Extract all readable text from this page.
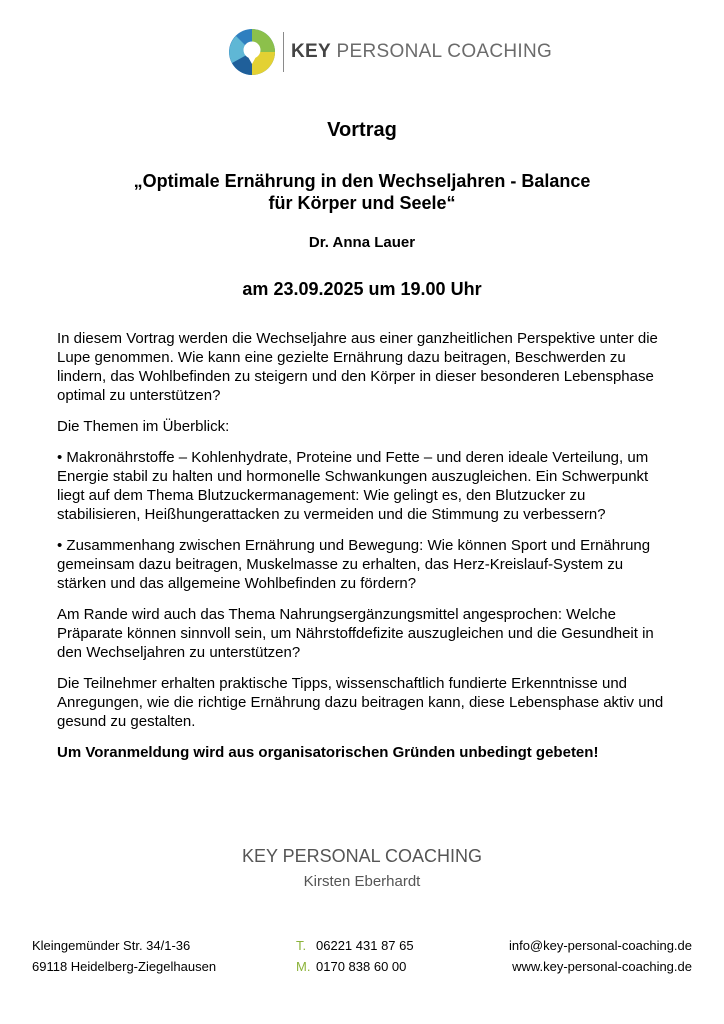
KEY PERSONAL COACHING
Vortrag
„Optimale Ernährung in den Wechseljahren - Balance
für Körper und Seele“
Dr. Anna Lauer
am 23.09.2025 um 19.00 Uhr

In diesem Vortrag werden die Wechseljahre aus einer ganzheitlichen Perspektive unter die Lupe genommen. Wie kann eine gezielte Ernährung dazu beitragen, Beschwerden zu lindern, das Wohlbefinden zu steigern und den Körper in dieser besonderen Lebensphase optimal zu unterstützen?

Die Themen im Überblick:

• Makronährstoffe – Kohlenhydrate, Proteine und Fette – und deren ideale Verteilung, um Energie stabil zu halten und hormonelle Schwankungen auszugleichen. Ein Schwerpunkt liegt auf dem Thema Blutzuckermanagement: Wie gelingt es, den Blutzucker zu stabilisieren, Heißhungerattacken zu vermeiden und die Stimmung zu verbessern?

• Zusammenhang zwischen Ernährung und Bewegung: Wie können Sport und Ernährung gemeinsam dazu beitragen, Muskelmasse zu erhalten, das Herz-Kreislauf-System zu stärken und das allgemeine Wohlbefinden zu fördern?

Am Rande wird auch das Thema Nahrungsergänzungsmittel angesprochen: Welche Präparate können sinnvoll sein, um Nährstoffdefizite auszugleichen und die Gesundheit in den Wechseljahren zu unterstützen?

Die Teilnehmer erhalten praktische Tipps, wissenschaftlich fundierte Erkenntnisse und Anregungen, wie die richtige Ernährung dazu beitragen kann, diese Lebensphase aktiv und gesund zu gestalten.

Um Voranmeldung wird aus organisatorischen Gründen unbedingt gebeten!

KEY PERSONAL COACHING
Kirsten Eberhardt
Kleingemünder Str. 34/1-36
69118 Heidelberg-Ziegelhausen
T. 06221 431 87 65
M. 0170 838 60 00
info@key-personal-coaching.de
www.key-personal-coaching.de
